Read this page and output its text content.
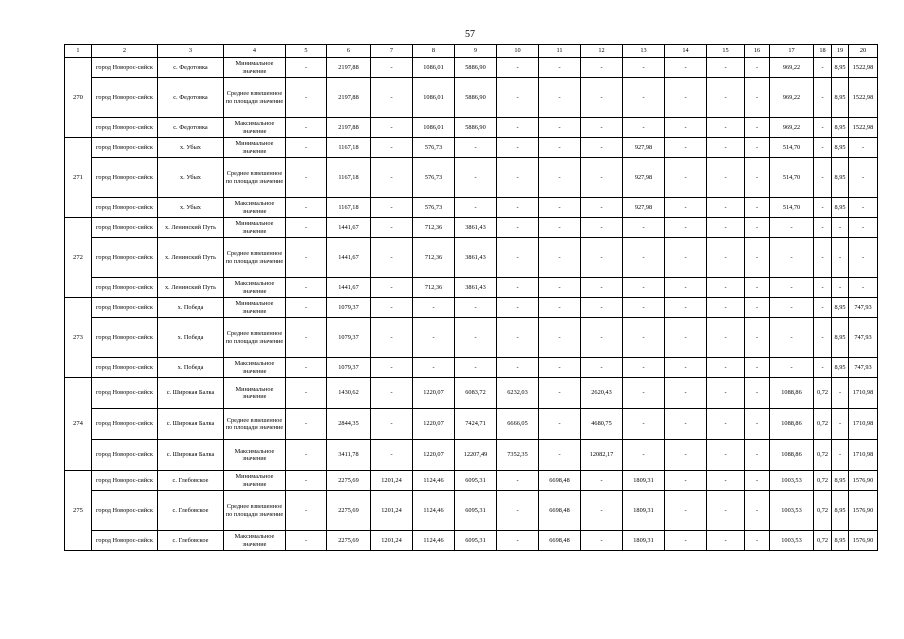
57
1	2	3	4	5	6	7	8	9	10	11	12	13	14	15	16	17	18	19	20
270	город Новорос-сийск	с. Федотовка	Минимальное значение	-	2197,88	-	1086,01	5886,90	-	-	-	-	-	-	-	969,22	-	8,95	1522,98
	город Новорос-сийск	с. Федотовка	Среднее взвешенное по площади значение	-	2197,88	-	1086,01	5886,90	-	-	-	-	-	-	-	969,22	-	8,95	1522,98
	город Новорос-сийск	с. Федотовка	Максимальное значение	-	2197,88	-	1086,01	5886,90	-	-	-	-	-	-	-	969,22	-	8,95	1522,98
271	город Новорос-сийск	х. Убых	Минимальное значение	-	1167,18	-	576,73	-	-	-	-	927,98	-	-	-	514,70	-	8,95	-
	город Новорос-сийск	х. Убых	Среднее взвешенное по площади значение	-	1167,18	-	576,73	-	-	-	-	927,98	-	-	-	514,70	-	8,95	-
	город Новорос-сийск	х. Убых	Максимальное значение	-	1167,18	-	576,73	-	-	-	-	927,98	-	-	-	514,70	-	8,95	-
272	город Новорос-сийск	х. Ленинский Путь	Минимальное значение	-	1441,67	-	712,36	3861,43	-	-	-	-	-	-	-	-	-	-	-
	город Новорос-сийск	х. Ленинский Путь	Среднее взвешенное по площади значение	-	1441,67	-	712,36	3861,43	-	-	-	-	-	-	-	-	-	-	-
	город Новорос-сийск	х. Ленинский Путь	Максимальное значение	-	1441,67	-	712,36	3861,43	-	-	-	-	-	-	-	-	-	-	-
273	город Новорос-сийск	х. Победа	Минимальное значение	-	1079,37	-	-	-	-	-	-	-	-	-	-	-	-	8,95	747,93
	город Новорос-сийск	х. Победа	Среднее взвешенное по площади значение	-	1079,37	-	-	-	-	-	-	-	-	-	-	-	-	8,95	747,93
	город Новорос-сийск	х. Победа	Максимальное значение	-	1079,37	-	-	-	-	-	-	-	-	-	-	-	-	8,95	747,93
274	город Новорос-сийск	с. Широкая Балка	Минимальное значение	-	1430,62	-	1220,07	6083,72	6232,03	-	2620,43	-	-	-	-	1088,86	0,72	-	1710,98
	город Новорос-сийск	с. Широкая Балка	Среднее взвешенное по площади значение	-	2844,35	-	1220,07	7424,71	6666,05	-	4680,75	-	-	-	-	1088,86	0,72	-	1710,98
	город Новорос-сийск	с. Широкая Балка	Максимальное значение	-	3411,78	-	1220,07	12207,49	7352,35	-	12082,17	-	-	-	-	1088,86	0,72	-	1710,98
275	город Новорос-сийск	с. Глебовское	Минимальное значение	-	2275,69	1201,24	1124,46	6095,31	-	6698,48	-	1809,31	-	-	-	1003,53	0,72	8,95	1576,90
	город Новорос-сийск	с. Глебовское	Среднее взвешенное по площади значение	-	2275,69	1201,24	1124,46	6095,31	-	6698,48	-	1809,31	-	-	-	1003,53	0,72	8,95	1576,90
	город Новорос-сийск	с. Глебовское	Максимальное значение	-	2275,69	1201,24	1124,46	6095,31	-	6698,48	-	1809,31	-	-	-	1003,53	0,72	8,95	1576,90
